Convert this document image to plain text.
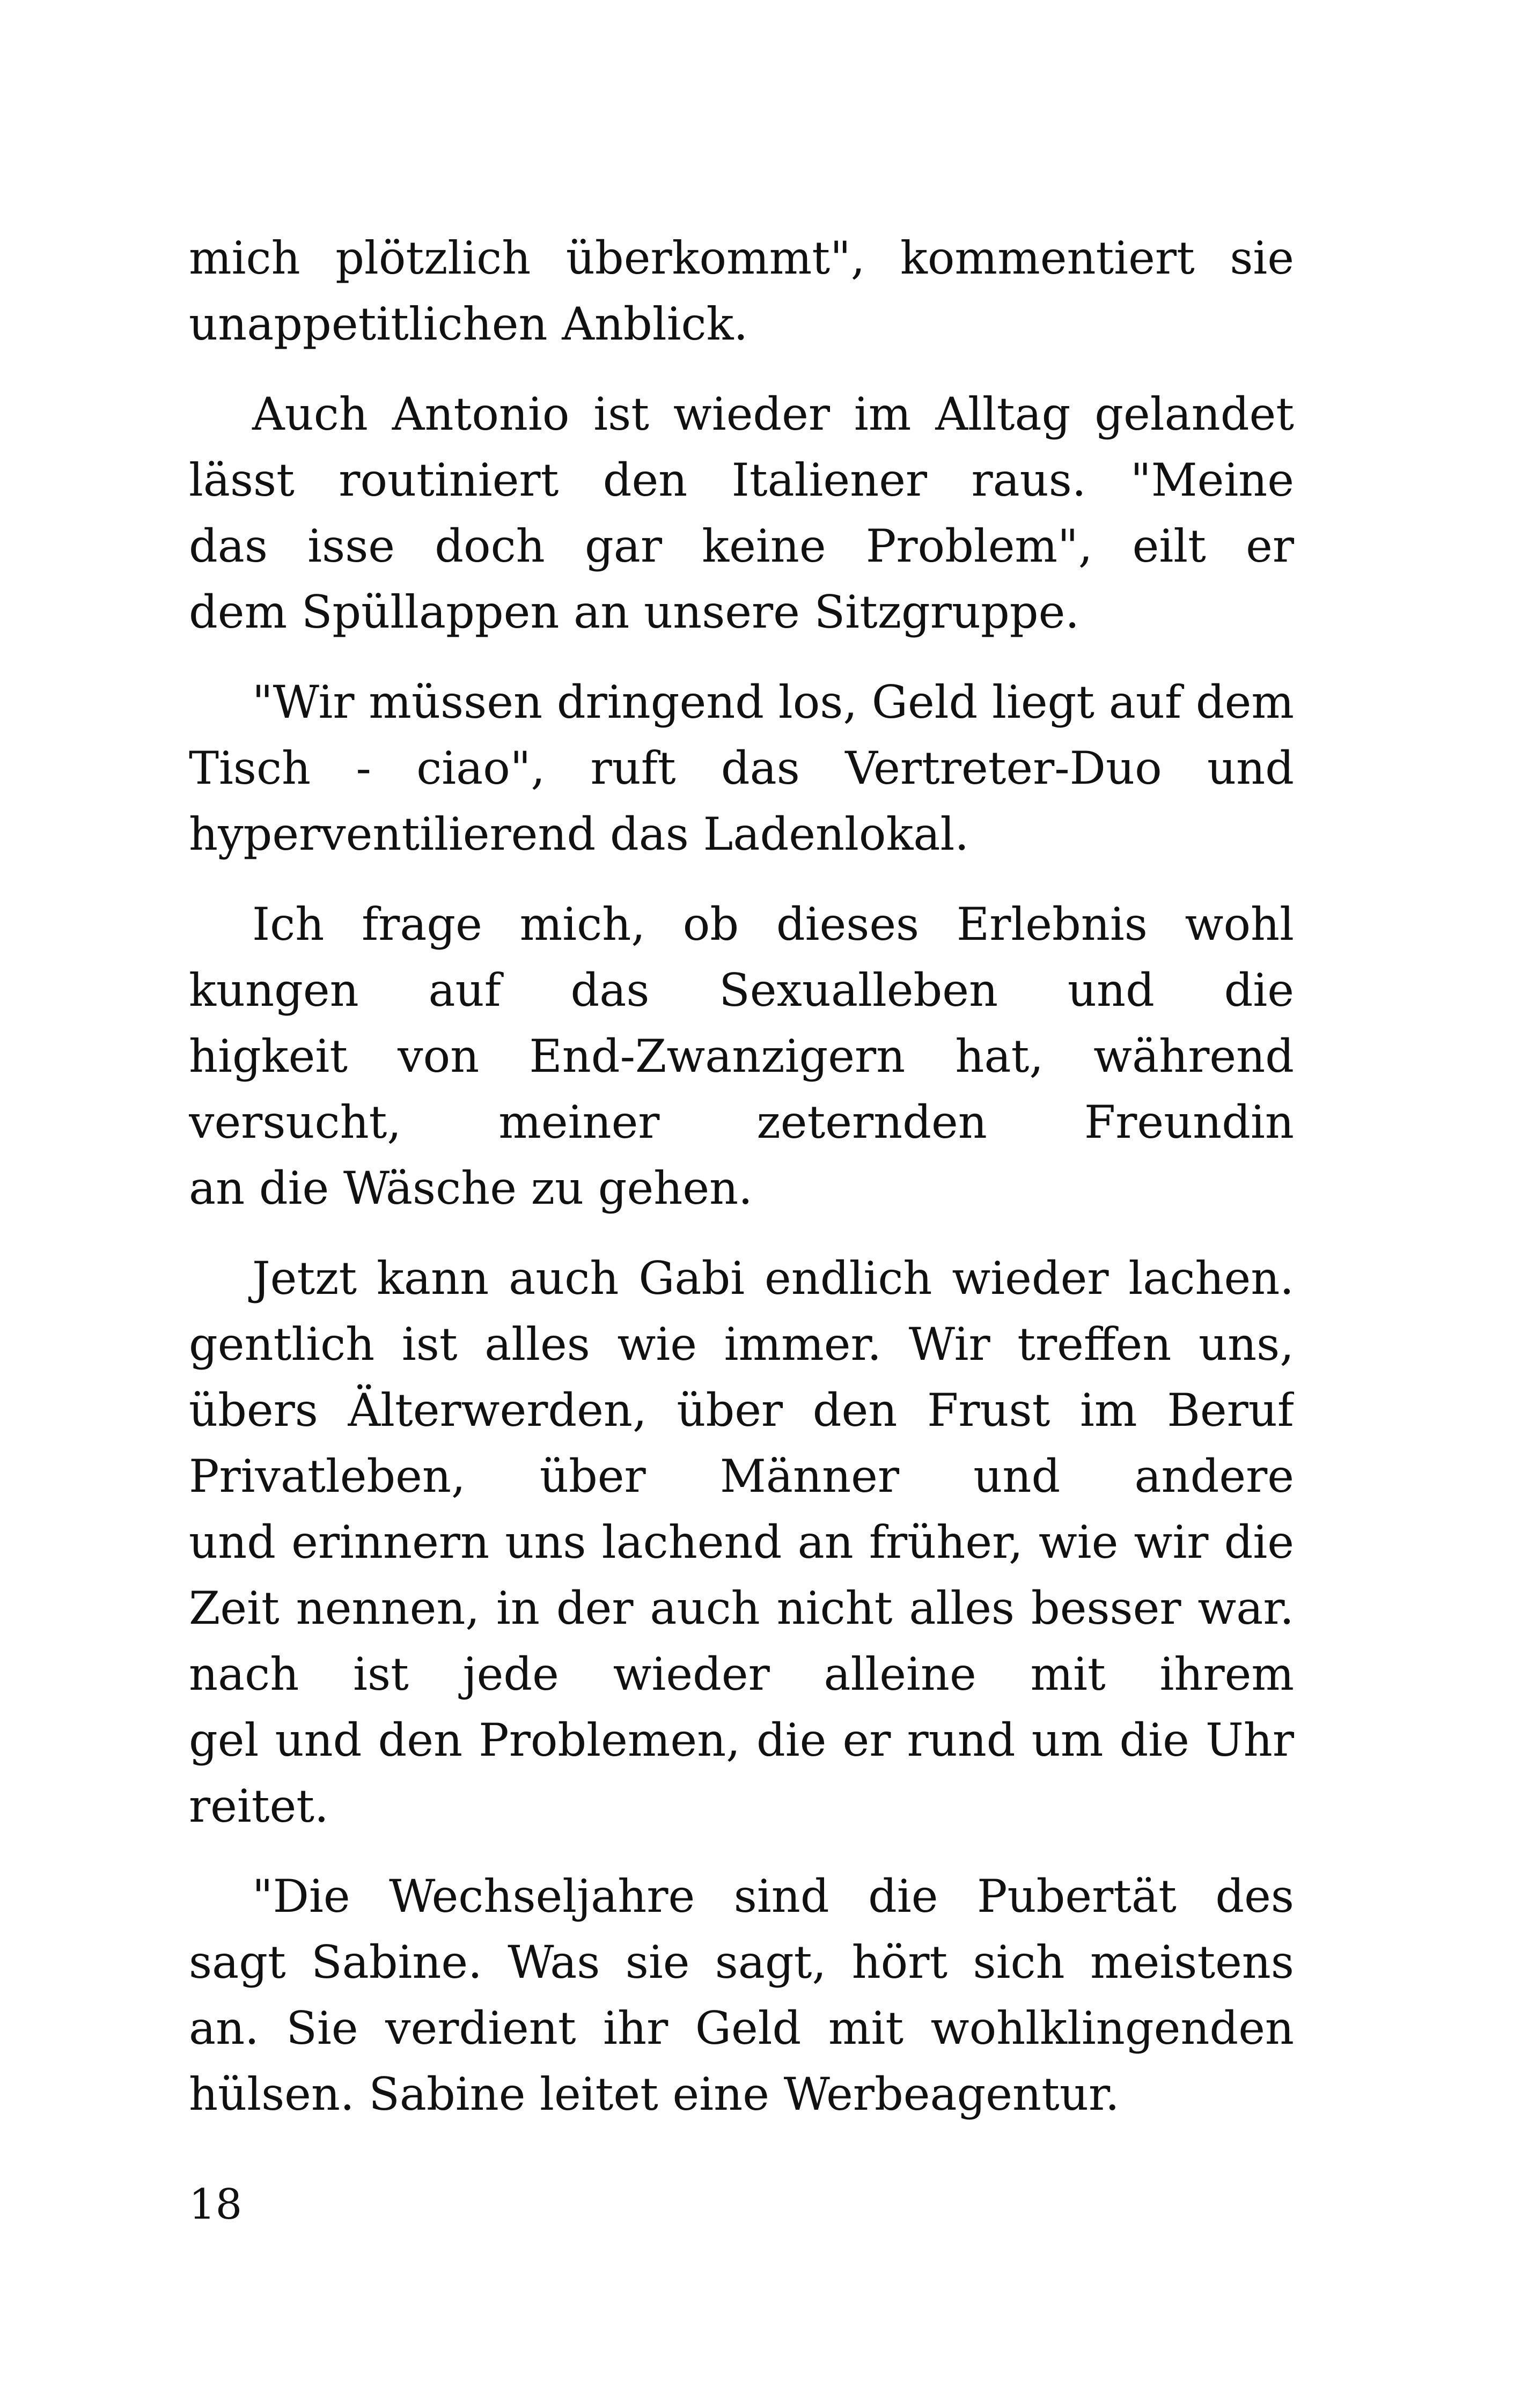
mich plötzlich überkommt", kommentiert sie
unappetitlichen Anblick.
Auch Antonio ist wieder im Alltag gelandet
lässt routiniert den Italiener raus. "Meine
das isse doch gar keine Problem", eilt er
dem Spüllappen an unsere Sitzgruppe.
"Wir müssen dringend los, Geld liegt auf dem
Tisch - ciao", ruft das Vertreter-Duo und
hyperventilierend das Ladenlokal.
Ich frage mich, ob dieses Erlebnis wohl
kungen auf das Sexualleben und die
higkeit von End-Zwanzigern hat, während
versucht, meiner zeternden Freundin
an die Wäsche zu gehen.
Jetzt kann auch Gabi endlich wieder lachen.
gentlich ist alles wie immer. Wir treffen uns,
übers Älterwerden, über den Frust im Beruf
Privatleben, über Männer und andere
und erinnern uns lachend an früher, wie wir die
Zeit nennen, in der auch nicht alles besser war.
nach ist jede wieder alleine mit ihrem
gel und den Problemen, die er rund um die Uhr
reitet.
"Die Wechseljahre sind die Pubertät des
sagt Sabine. Was sie sagt, hört sich meistens
an. Sie verdient ihr Geld mit wohlklingenden
hülsen. Sabine leitet eine Werbeagentur.
18
